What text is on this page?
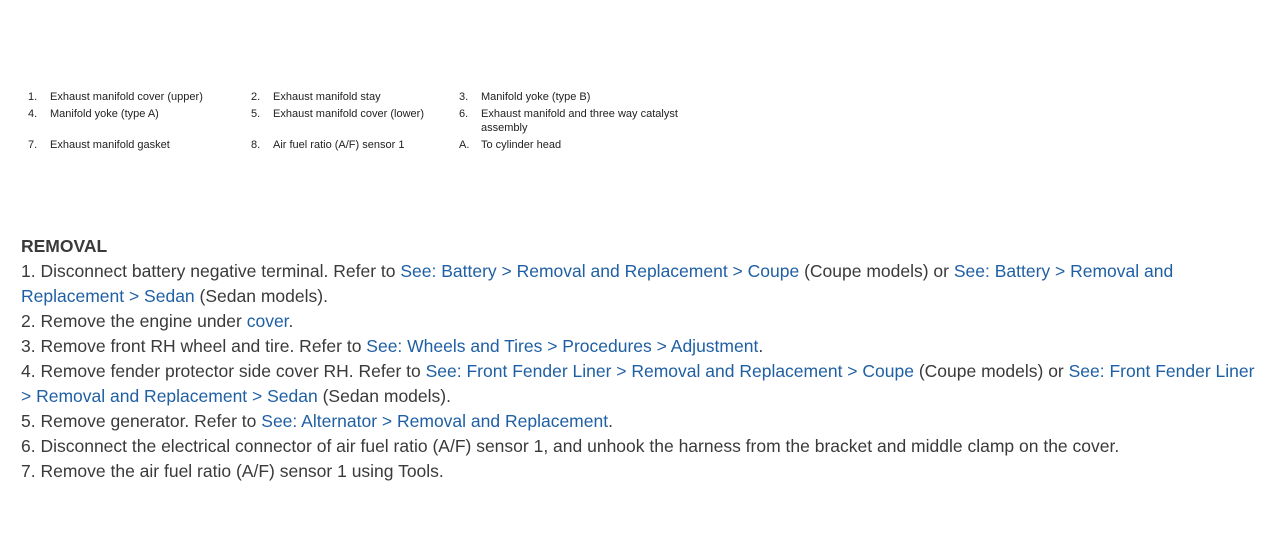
1. Exhaust manifold cover (upper)	2. Exhaust manifold stay	3. Manifold yoke (type B)
4. Manifold yoke (type A)	5. Exhaust manifold cover (lower)	6. Exhaust manifold and three way catalyst
assembly
7. Exhaust manifold gasket	8. Air fuel ratio (A/F) sensor 1	A. To cylinder head

REMOVAL

1. Disconnect battery negative terminal. Refer to See: Battery > Removal and Replacement > Coupe (Coupe models) or See: Battery > Removal and Replacement > Sedan (Sedan models).

2. Remove the engine under cover.

3. Remove front RH wheel and tire. Refer to See: Wheels and Tires > Procedures > Adjustment.

4. Remove fender protector side cover RH. Refer to See: Front Fender Liner > Removal and Replacement > Coupe (Coupe models) or See: Front Fender Liner > Removal and Replacement > Sedan (Sedan models).

5. Remove generator. Refer to See: Alternator > Removal and Replacement.

6. Disconnect the electrical connector of air fuel ratio (A/F) sensor 1, and unhook the harness from the bracket and middle clamp on the cover.

7. Remove the air fuel ratio (A/F) sensor 1 using Tools.
